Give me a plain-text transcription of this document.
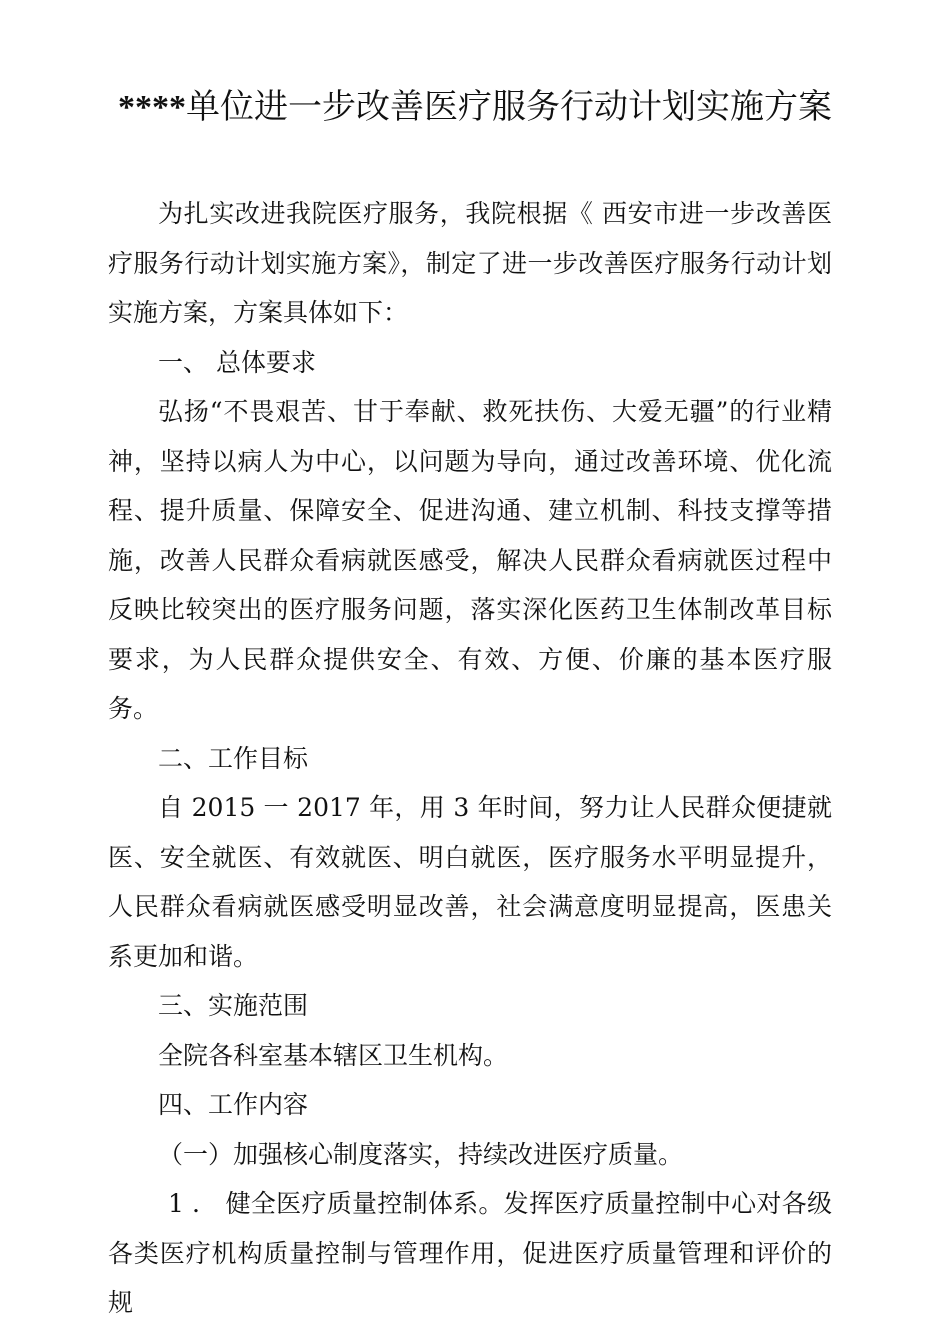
****单位进一步改善医疗服务行动计划实施方案

为扎实改进我院医疗服务，我院根据《 西安市进一步改善医疗服务行动计划实施方案》，制定了进一步改善医疗服务行动计划实施方案，方案具体如下：

一、 总体要求

弘扬“不畏艰苦、甘于奉献、救死扶伤、大爱无疆”的行业精神，坚持以病人为中心，以问题为导向，通过改善环境、优化流程、提升质量、保障安全、促进沟通、建立机制、科技支撑等措施，改善人民群众看病就医感受，解决人民群众看病就医过程中反映比较突出的医疗服务问题，落实深化医药卫生体制改革目标要求，为人民群众提供安全、有效、方便、价廉的基本医疗服务。

二、工作目标

自 2015 一 2017 年，用 3 年时间，努力让人民群众便捷就医、安全就医、有效就医、明白就医，医疗服务水平明显提升，人民群众看病就医感受明显改善，社会满意度明显提高，医患关系更加和谐。

三、实施范围

全院各科室基本辖区卫生机构。

四、工作内容

（一）加强核心制度落实，持续改进医疗质量。

1 ． 健全医疗质量控制体系。发挥医疗质量控制中心对各级各类医疗机构质量控制与管理作用，促进医疗质量管理和评价的规
